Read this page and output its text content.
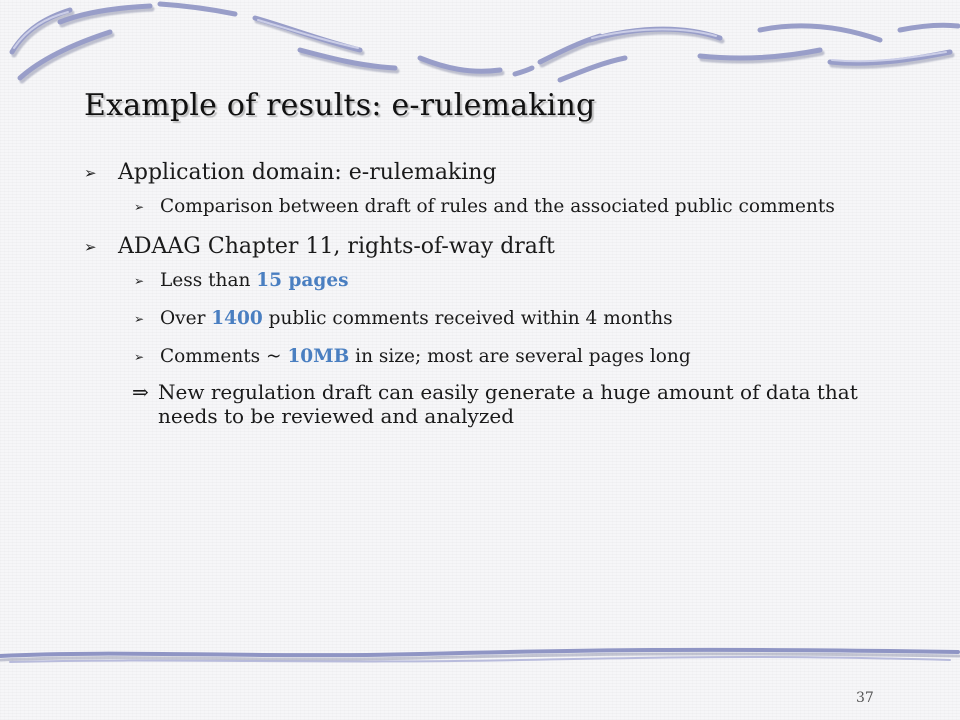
Example of results: e-rulemaking
➢ Application domain: e-rulemaking
➢ Comparison between draft of rules and the associated public comments
➢ ADAAG Chapter 11, rights-of-way draft
➢ Less than 15 pages
➢ Over 1400 public comments received within 4 months
➢ Comments ~ 10MB in size; most are several pages long
⇒ New regulation draft can easily generate a huge amount of data that needs to be reviewed and analyzed
37
